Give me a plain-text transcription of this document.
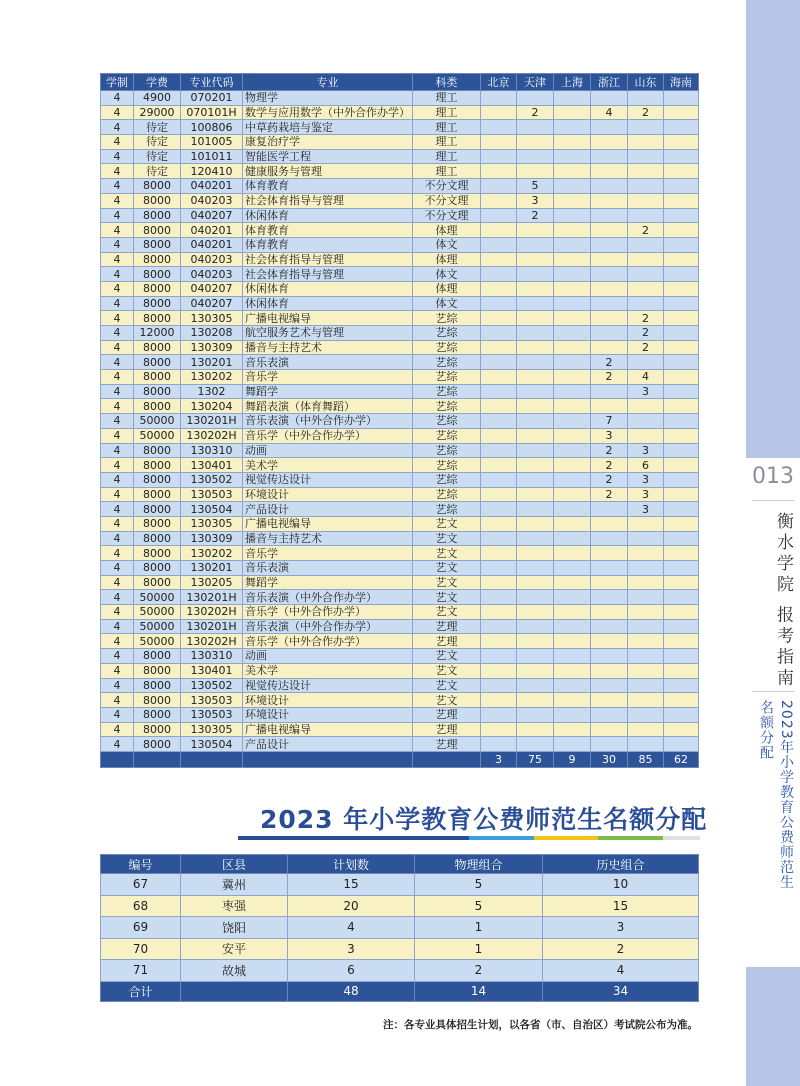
013
衡水学院 报考指南
2023年小学教育公费师范生名额分配
学制	学费	专业代码	专业	科类	北京	天津	上海	浙江	山东	海南
4	4900	070201	物理学	理工						
4	29000	070101H	数学与应用数学（中外合作办学）	理工		2		4	2	
4	待定	100806	中草药栽培与鉴定	理工						
4	待定	101005	康复治疗学	理工						
4	待定	101011	智能医学工程	理工						
4	待定	120410	健康服务与管理	理工						
4	8000	040201	体育教育	不分文理		5				
4	8000	040203	社会体育指导与管理	不分文理		3				
4	8000	040207	休闲体育	不分文理		2				
4	8000	040201	体育教育	体理					2	
4	8000	040201	体育教育	体文						
4	8000	040203	社会体育指导与管理	体理						
4	8000	040203	社会体育指导与管理	体文						
4	8000	040207	休闲体育	体理						
4	8000	040207	休闲体育	体文						
4	8000	130305	广播电视编导	艺综					2	
4	12000	130208	航空服务艺术与管理	艺综					2	
4	8000	130309	播音与主持艺术	艺综					2	
4	8000	130201	音乐表演	艺综				2		
4	8000	130202	音乐学	艺综				2	4	
4	8000	1302	舞蹈学	艺综					3	
4	8000	130204	舞蹈表演（体育舞蹈）	艺综						
4	50000	130201H	音乐表演（中外合作办学）	艺综				7		
4	50000	130202H	音乐学（中外合作办学）	艺综				3		
4	8000	130310	动画	艺综				2	3	
4	8000	130401	美术学	艺综				2	6	
4	8000	130502	视觉传达设计	艺综				2	3	
4	8000	130503	环境设计	艺综				2	3	
4	8000	130504	产品设计	艺综					3	
4	8000	130305	广播电视编导	艺文						
4	8000	130309	播音与主持艺术	艺文						
4	8000	130202	音乐学	艺文						
4	8000	130201	音乐表演	艺文						
4	8000	130205	舞蹈学	艺文						
4	50000	130201H	音乐表演（中外合作办学）	艺文						
4	50000	130202H	音乐学（中外合作办学）	艺文						
4	50000	130201H	音乐表演（中外合作办学）	艺理						
4	50000	130202H	音乐学（中外合作办学）	艺理						
4	8000	130310	动画	艺文						
4	8000	130401	美术学	艺文						
4	8000	130502	视觉传达设计	艺文						
4	8000	130503	环境设计	艺文						
4	8000	130503	环境设计	艺理						
4	8000	130305	广播电视编导	艺理						
4	8000	130504	产品设计	艺理						
					3	75	9	30	85	62
2023 年小学教育公费师范生名额分配
编号	区县	计划数	物理组合	历史组合
67	冀州	15	5	10
68	枣强	20	5	15
69	饶阳	4	1	3
70	安平	3	1	2
71	故城	6	2	4
合计		48	14	34
注：各专业具体招生计划，以各省（市、自治区）考试院公布为准。
